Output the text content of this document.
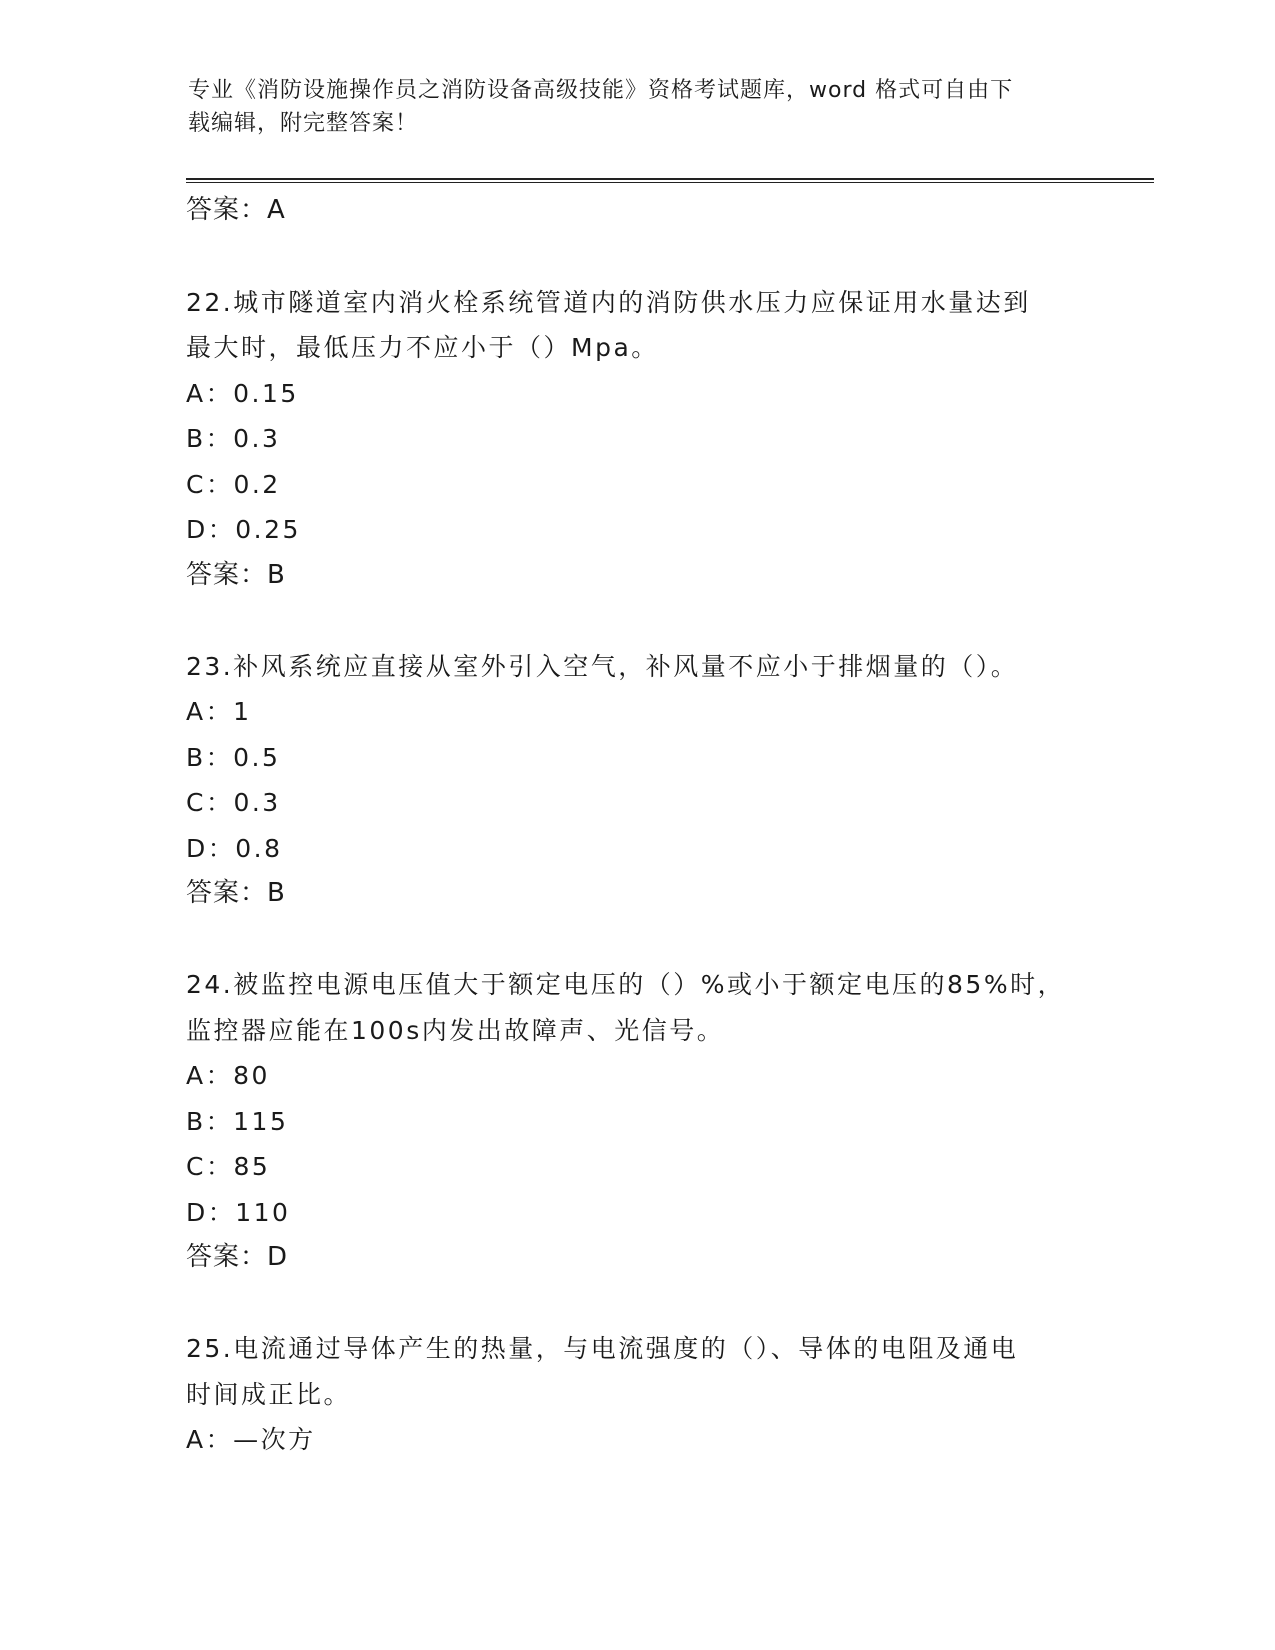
专业《消防设施操作员之消防设备高级技能》资格考试题库，word 格式可自由下
载编辑，附完整答案！
答案：A
22.城市隧道室内消火栓系统管道内的消防供水压力应保证用水量达到
最大时，最低压力不应小于（）Mpa。
A：0.15
B：0.3
C：0.2
D：0.25
答案：B
23.补风系统应直接从室外引入空气，补风量不应小于排烟量的（）。
A：1
B：0.5
C：0.3
D：0.8
答案：B
24.被监控电源电压值大于额定电压的（）%或小于额定电压的85%时，
监控器应能在100s内发出故障声、光信号。
A：80
B：115
C：85
D：110
答案：D
25.电流通过导体产生的热量，与电流强度的（）、导体的电阻及通电
时间成正比。
A：—次方
